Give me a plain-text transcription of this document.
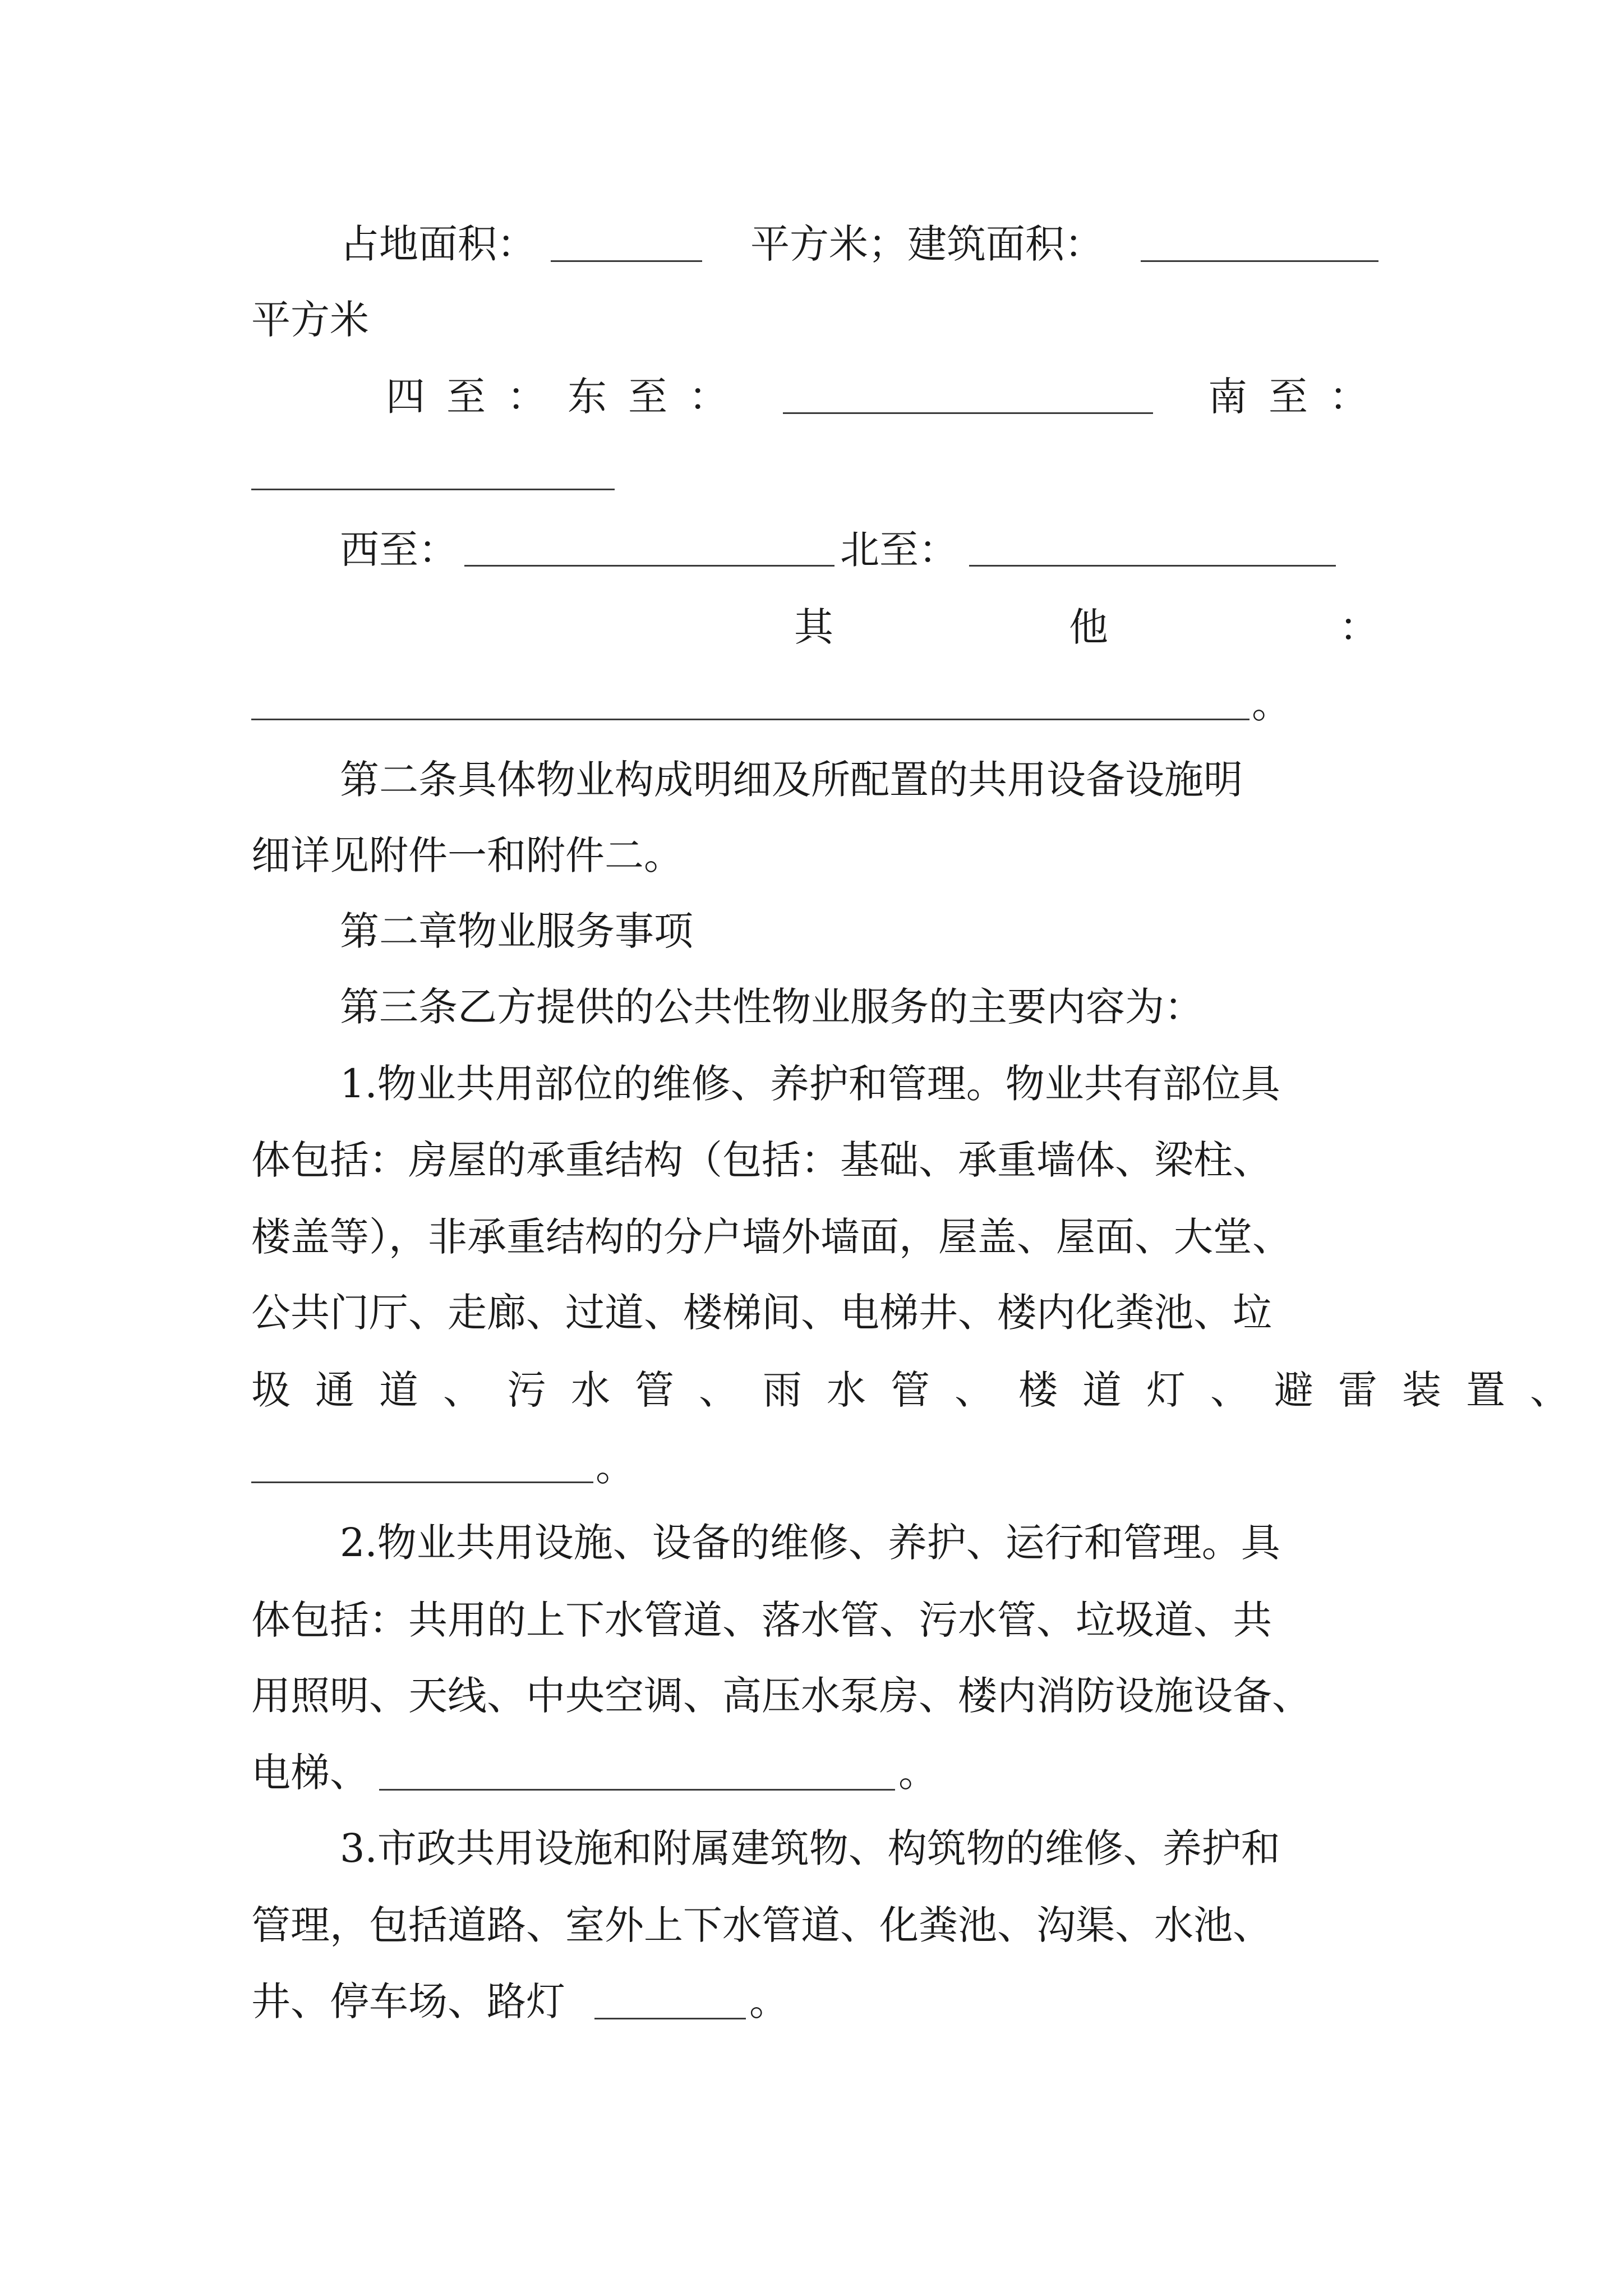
占地面积：	平方米；建筑面积：
平方米
四至：东至：	南至：
西至：	北至：
其	他	：
。
第二条具体物业构成明细及所配置的共用设备设施明
细详见附件一和附件二。
第二章物业服务事项
第三条乙方提供的公共性物业服务的主要内容为：
1.物业共用部位的维修、养护和管理。物业共有部位具
体包括：房屋的承重结构（包括：基础、承重墙体、梁柱、
楼盖等），非承重结构的分户墙外墙面，屋盖、屋面、大堂、
公共门厅、走廊、过道、楼梯间、电梯井、楼内化粪池、垃
圾通道、污水管、雨水管、楼道灯、避雷装置、
。
2.物业共用设施、设备的维修、养护、运行和管理。具
体包括：共用的上下水管道、落水管、污水管、垃圾道、共
用照明、天线、中央空调、高压水泵房、楼内消防设施设备、
电梯、	。
3.市政共用设施和附属建筑物、构筑物的维修、养护和
管理，包括道路、室外上下水管道、化粪池、沟渠、水池、
井、停车场、路灯	。
